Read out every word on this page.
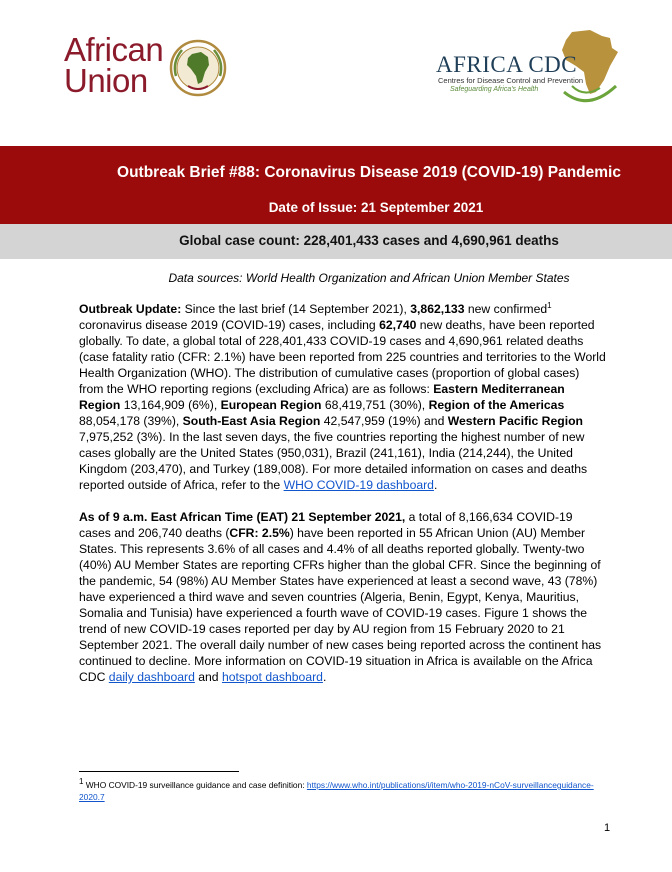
African
Union	AFRICA CDC
Centres for Disease Control and Prevention
Safeguarding Africa's Health
Outbreak Brief #88: Coronavirus Disease 2019 (COVID-19) Pandemic
Date of Issue: 21 September 2021
Global case count: 228,401,433 cases and 4,690,961 deaths
Data sources: World Health Organization and African Union Member States
Outbreak Update: Since the last brief (14 September 2021), 3,862,133 new confirmed$^1$ coronavirus disease 2019 (COVID-19) cases, including 62,740 new deaths, have been reported globally. To date, a global total of 228,401,433 COVID-19 cases and 4,690,961 related deaths (case fatality ratio (CFR: 2.1%) have been reported from 225 countries and territories to the World Health Organization (WHO). The distribution of cumulative cases (proportion of global cases) from the WHO reporting regions (excluding Africa) are as follows: Eastern Mediterranean Region 13,164,909 (6%), European Region 68,419,751 (30%), Region of the Americas 88,054,178 (39%), South-East Asia Region 42,547,959 (19%) and Western Pacific Region 7,975,252 (3%). In the last seven days, the five countries reporting the highest number of new cases globally are the United States (950,031), Brazil (241,161), India (214,244), the United Kingdom (203,470), and Turkey (189,008). For more detailed information on cases and deaths reported outside of Africa, refer to the WHO COVID-19 dashboard.
As of 9 a.m. East African Time (EAT) 21 September 2021, a total of 8,166,634 COVID-19 cases and 206,740 deaths (CFR: 2.5%) have been reported in 55 African Union (AU) Member States. This represents 3.6% of all cases and 4.4% of all deaths reported globally. Twenty-two (40%) AU Member States are reporting CFRs higher than the global CFR. Since the beginning of the pandemic, 54 (98%) AU Member States have experienced at least a second wave, 43 (78%) have experienced a third wave and seven countries (Algeria, Benin, Egypt, Kenya, Mauritius, Somalia and Tunisia) have experienced a fourth wave of COVID-19 cases. Figure 1 shows the trend of new COVID-19 cases reported per day by AU region from 15 February 2020 to 21 September 2021. The overall daily number of new cases being reported across the continent has continued to decline. More information on COVID-19 situation in Africa is available on the Africa CDC daily dashboard and hotspot dashboard.
$^1$ WHO COVID-19 surveillance guidance and case definition: https://www.who.int/publications/i/item/who-2019-nCoV-surveillanceguidance-2020.7
1
